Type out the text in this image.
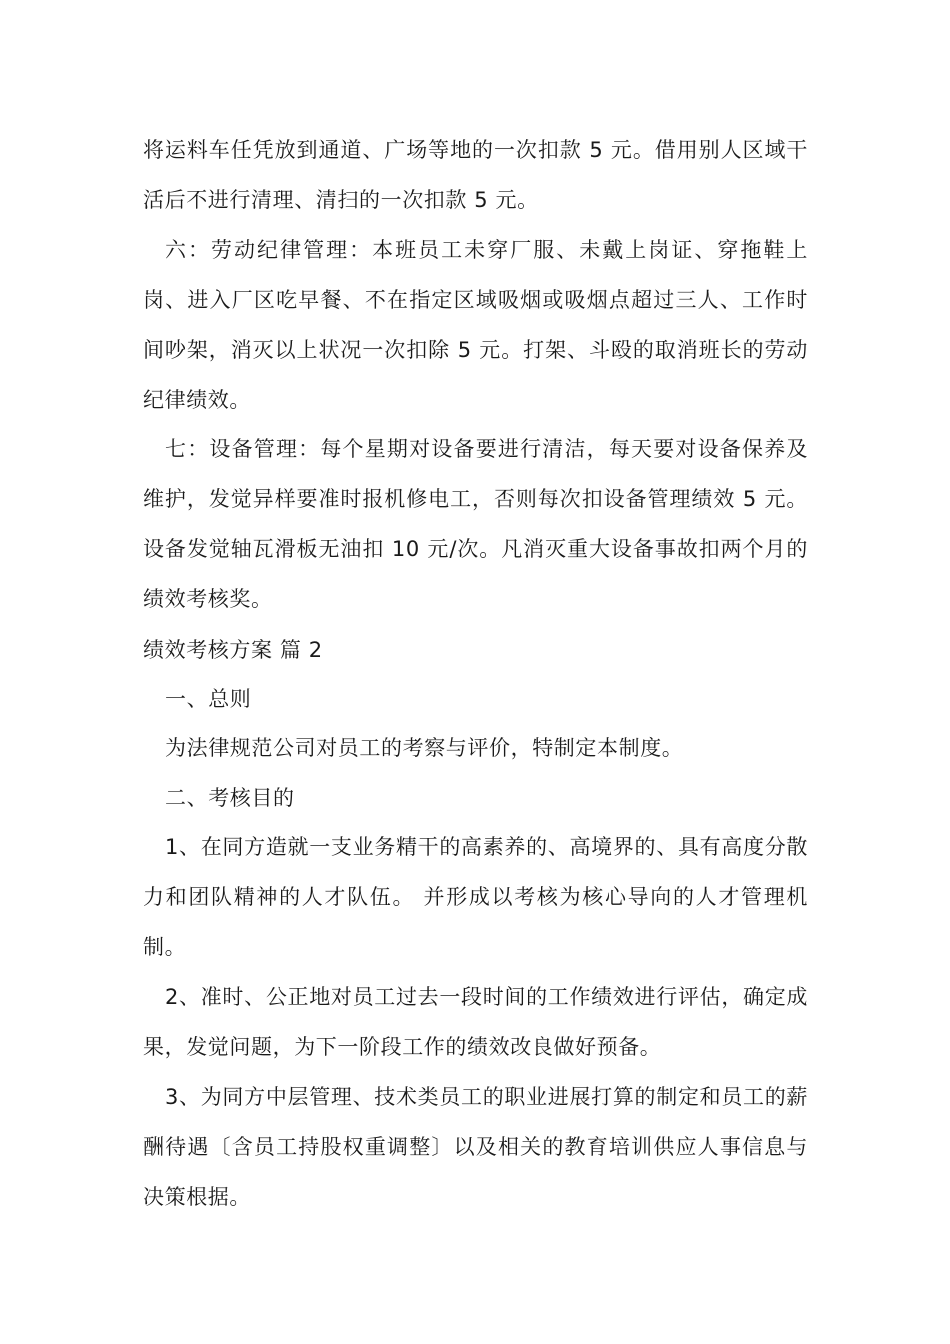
将运料车任凭放到通道、广场等地的一次扣款 5 元。借用别人区域干活后不进行清理、清扫的一次扣款 5 元。

六：劳动纪律管理：本班员工未穿厂服、未戴上岗证、穿拖鞋上岗、进入厂区吃早餐、不在指定区域吸烟或吸烟点超过三人、工作时间吵架，消灭以上状况一次扣除 5 元。打架、斗殴的取消班长的劳动纪律绩效。

七：设备管理：每个星期对设备要进行清洁，每天要对设备保养及维护，发觉异样要准时报机修电工，否则每次扣设备管理绩效 5 元。设备发觉轴瓦滑板无油扣 10 元/次。凡消灭重大设备事故扣两个月的绩效考核奖。

绩效考核方案 篇 2

一、总则

为法律规范公司对员工的考察与评价，特制定本制度。

二、考核目的

1、在同方造就一支业务精干的高素养的、高境界的、具有高度分散力和团队精神的人才队伍。 并形成以考核为核心导向的人才管理机制。

2、准时、公正地对员工过去一段时间的工作绩效进行评估，确定成果，发觉问题，为下一阶段工作的绩效改良做好预备。

3、为同方中层管理、技术类员工的职业进展打算的制定和员工的薪酬待遇〔含员工持股权重调整〕以及相关的教育培训供应人事信息与决策根据。
